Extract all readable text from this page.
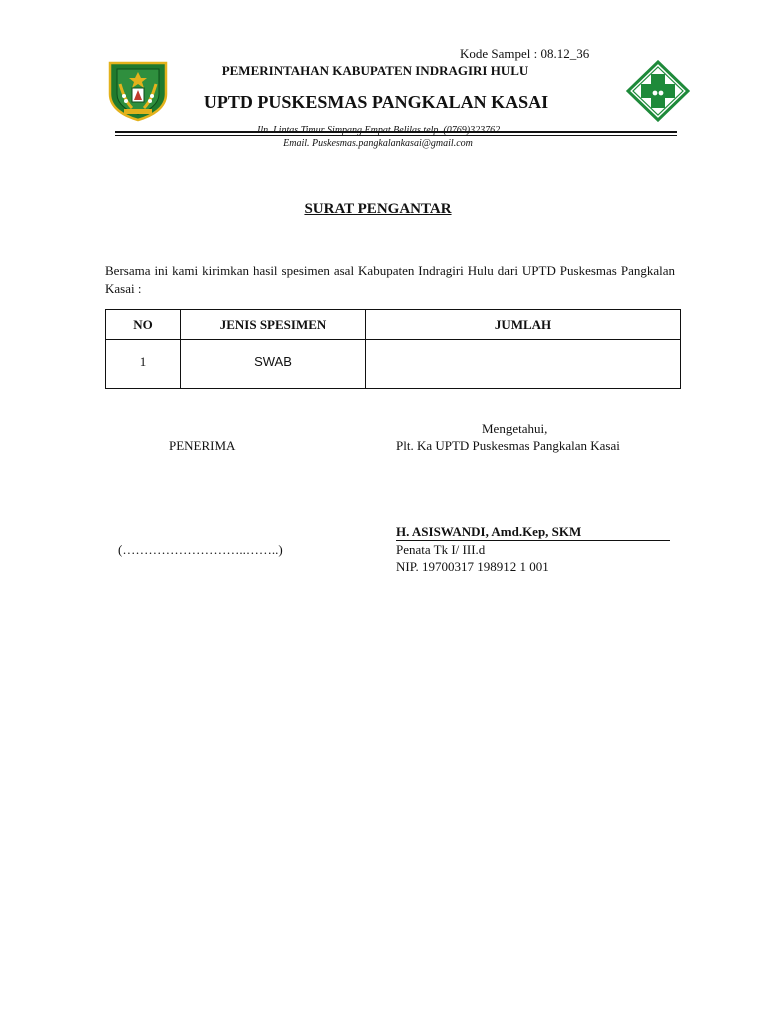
Kode Sampel : 08.12_36
PEMERINTAHAN KABUPATEN INDRAGIRI HULU
UPTD PUSKESMAS PANGKALAN KASAI
Jln. Lintas Timur Simpang Empat Belilas telp. (0769)323762
Email. Puskesmas.pangkalankasai@gmail.com
SURAT PENGANTAR
Bersama ini kami kirimkan hasil spesimen asal Kabupaten Indragiri Hulu dari UPTD Puskesmas Pangkalan Kasai :
NO	JENIS SPESIMEN	JUMLAH
1	SWAB	
Mengetahui,
PENERIMA	Plt. Ka UPTD Puskesmas Pangkalan Kasai
H. ASISWANDI, Amd.Kep, SKM
(………………………..……..)	Penata Tk I/ III.d
NIP. 19700317 198912 1 001
